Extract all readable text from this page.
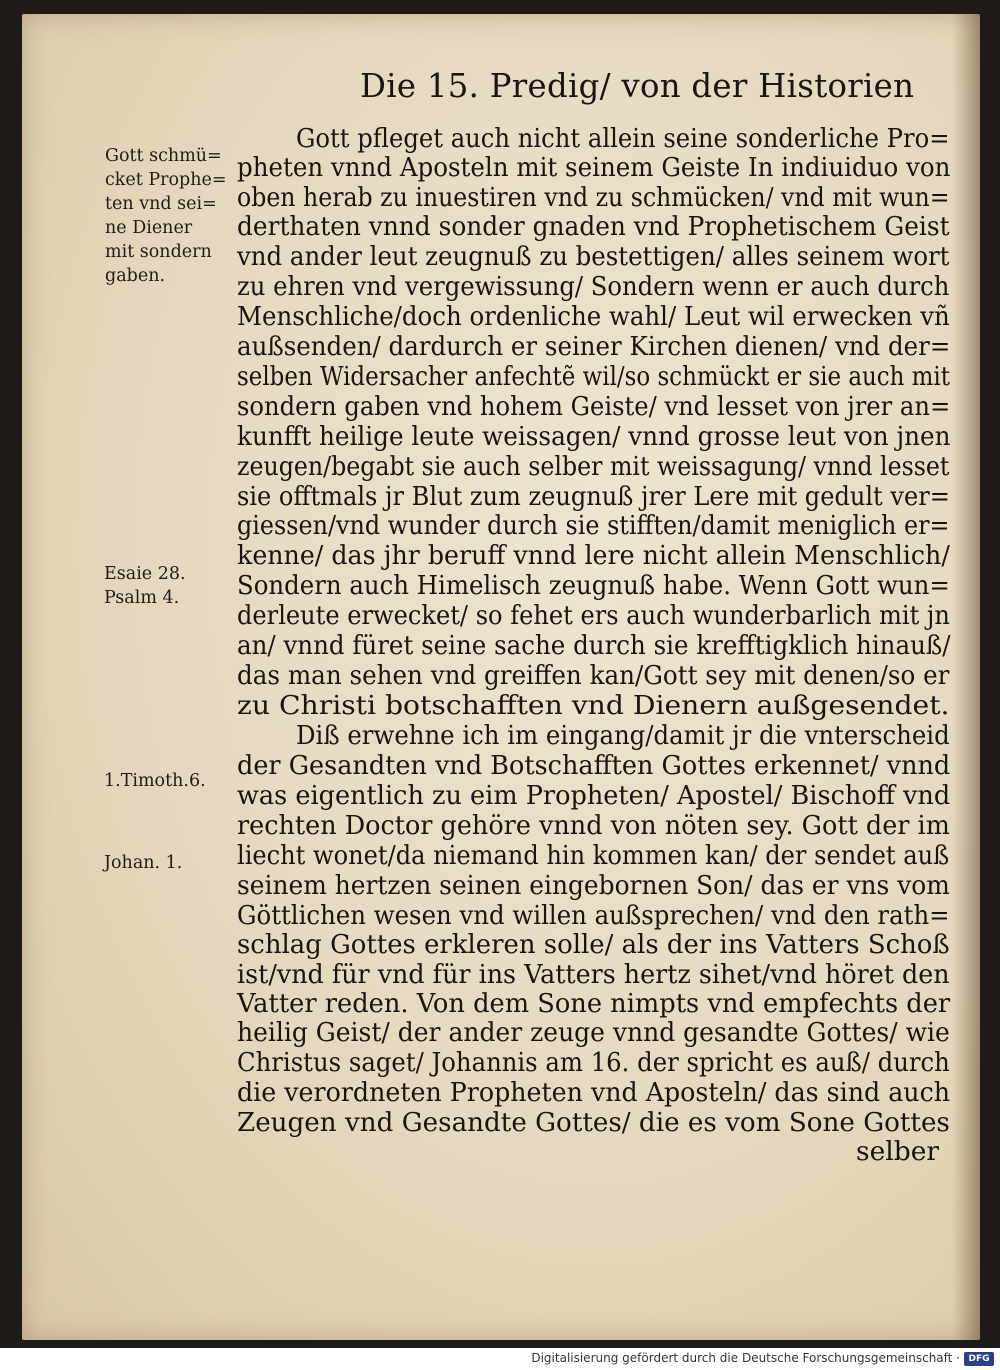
Die 15. Predig/ von der Historien
Gott pfleget auch nicht allein seine sonderliche Pro=
pheten vnnd Aposteln mit seinem Geiste In indiuiduo von
oben herab zu inuestiren vnd zu schmücken/ vnd mit wun=
derthaten vnnd sonder gnaden vnd Prophetischem Geist
vnd ander leut zeugnuß zu bestettigen/ alles seinem wort
zu ehren vnd vergewissung/ Sondern wenn er auch durch
Menschliche/doch ordenliche wahl/ Leut wil erwecken vñ
außsenden/ dardurch er seiner Kirchen dienen/ vnd der=
selben Widersacher anfechtẽ wil/so schmückt er sie auch mit
sondern gaben vnd hohem Geiste/ vnd lesset von jrer an=
kunfft heilige leute weissagen/ vnnd grosse leut von jnen
zeugen/begabt sie auch selber mit weissagung/ vnnd lesset
sie offtmals jr Blut zum zeugnuß jrer Lere mit gedult ver=
giessen/vnd wunder durch sie stifften/damit meniglich er=
kenne/ das jhr beruff vnnd lere nicht allein Menschlich/
Sondern auch Himelisch zeugnuß habe. Wenn Gott wun=
derleute erwecket/ so fehet ers auch wunderbarlich mit jn
an/ vnnd füret seine sache durch sie krefftigklich hinauß/
das man sehen vnd greiffen kan/Gott sey mit denen/so er
zu Christi botschafften vnd Dienern außgesendet.
Diß erwehne ich im eingang/damit jr die vnterscheid
der Gesandten vnd Botschafften Gottes erkennet/ vnnd
was eigentlich zu eim Propheten/ Apostel/ Bischoff vnd
rechten Doctor gehöre vnnd von nöten sey. Gott der im
liecht wonet/da niemand hin kommen kan/ der sendet auß
seinem hertzen seinen eingebornen Son/ das er vns vom
Göttlichen wesen vnd willen außsprechen/ vnd den rath=
schlag Gottes erkleren solle/ als der ins Vatters Schoß
ist/vnd für vnd für ins Vatters hertz sihet/vnd höret den
Vatter reden. Von dem Sone nimpts vnd empfechts der
heilig Geist/ der ander zeuge vnnd gesandte Gottes/ wie
Christus saget/ Johannis am 16. der spricht es auß/ durch
die verordneten Propheten vnd Aposteln/ das sind auch
Zeugen vnd Gesandte Gottes/ die es vom Sone Gottes
selber
Gott schmü=
cket Prophe=
ten vnd sei=
ne Diener
mit sondern
gaben.
Esaie 28.
Psalm 4.
1.Timoth.6.
Johan. 1.
Digitalisierung gefördert durch die Deutsche Forschungsgemeinschaft · DFG
